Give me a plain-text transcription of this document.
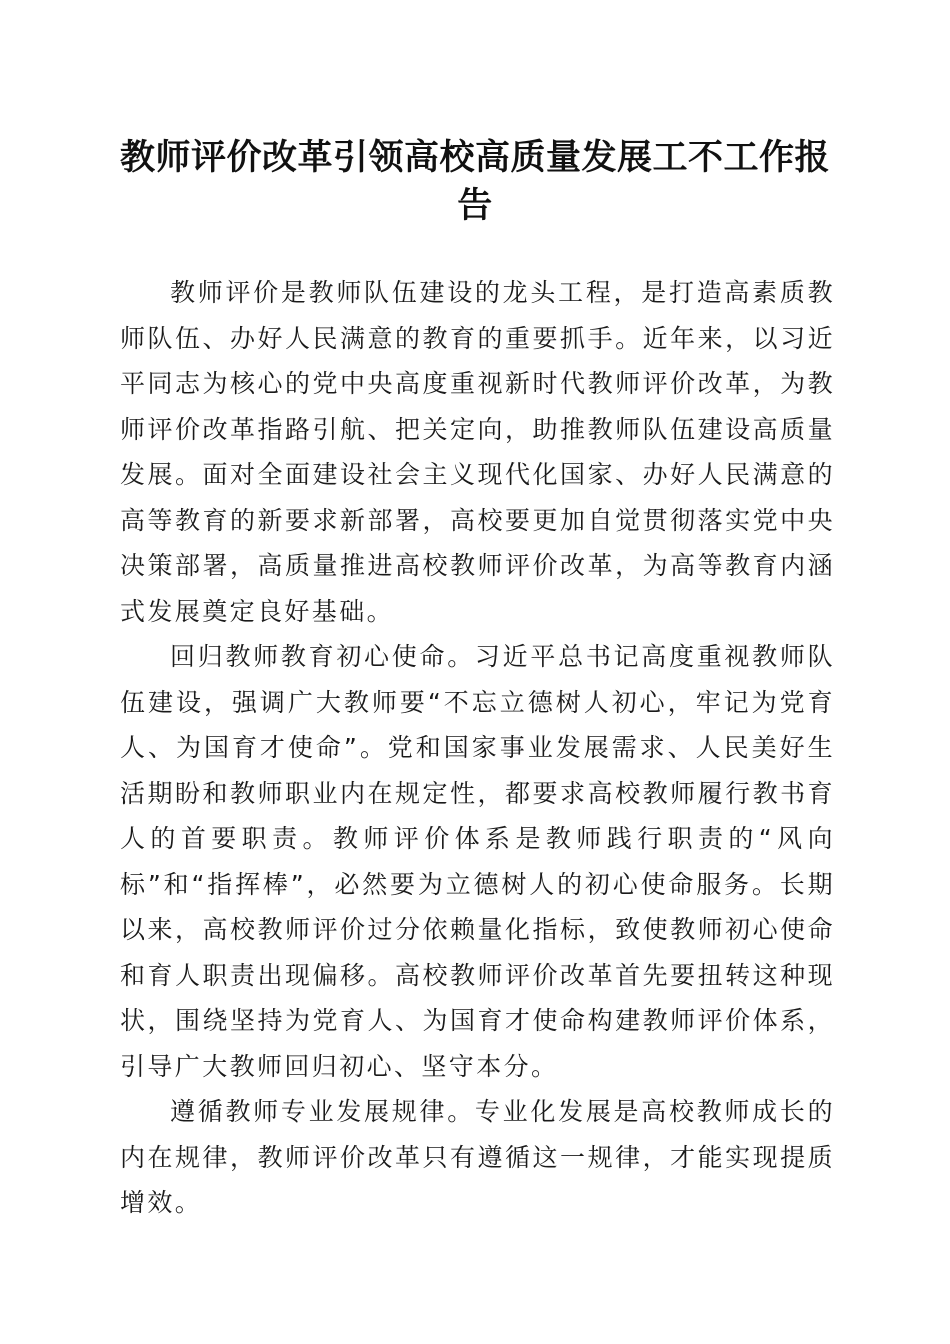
教师评价改革引领高校高质量发展工不工作报告

教师评价是教师队伍建设的龙头工程，是打造高素质教师队伍、办好人民满意的教育的重要抓手。近年来，以习近平同志为核心的党中央高度重视新时代教师评价改革，为教师评价改革指路引航、把关定向，助推教师队伍建设高质量发展。面对全面建设社会主义现代化国家、办好人民满意的高等教育的新要求新部署，高校要更加自觉贯彻落实党中央决策部署，高质量推进高校教师评价改革，为高等教育内涵式发展奠定良好基础。

回归教师教育初心使命。习近平总书记高度重视教师队伍建设，强调广大教师要“不忘立德树人初心，牢记为党育人、为国育才使命”。党和国家事业发展需求、人民美好生活期盼和教师职业内在规定性，都要求高校教师履行教书育人的首要职责。教师评价体系是教师践行职责的“风向标”和“指挥棒”，必然要为立德树人的初心使命服务。长期以来，高校教师评价过分依赖量化指标，致使教师初心使命和育人职责出现偏移。高校教师评价改革首先要扭转这种现状，围绕坚持为党育人、为国育才使命构建教师评价体系，引导广大教师回归初心、坚守本分。

遵循教师专业发展规律。专业化发展是高校教师成长的内在规律，教师评价改革只有遵循这一规律，才能实现提质增效。
